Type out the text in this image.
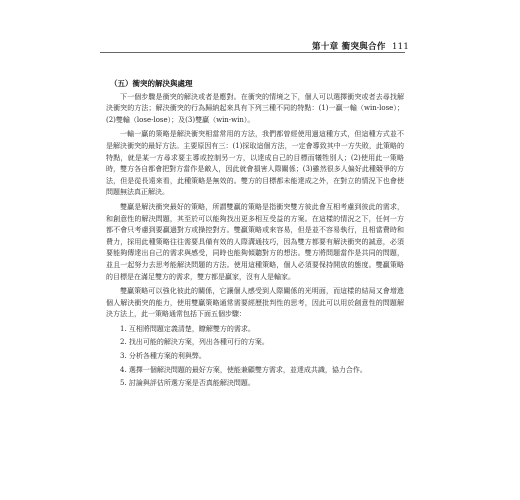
第十章 衝突與合作 111
（五）衝突的解決與處理

下一個步驟是衝突的解決或者是應對。在衝突的情境之下，個人可以選擇衝突或者去尋找解決衝突的方法；解決衝突的行為歸納起來具有下列三種不同的特點：(1)一贏一輸（win-lose）；(2)雙輸（lose-lose）；及(3)雙贏（win-win）。

一輸一贏的策略是解決衝突相當常用的方法，我們都曾經使用過這種方式，但這種方式並不是解決衝突的最好方法。主要原因有三：(1)採取這個方法，一定會導致其中一方失敗，此策略的特點，就是某一方尋求要主導或控制另一方，以達成自己的目標而犧牲別人；(2)使用此一策略時，雙方各自都會把對方當作是敵人，因此就會損害人際關係；(3)雖然很多人偏好此種競爭的方法，但是從長遠來看，此種策略是無效的。雙方的目標都未能達成之外，在對立的情況下也會使問題無法真正解決。

雙贏是解決衝突最好的策略，所謂雙贏的策略是指衝突雙方彼此會互相考慮到彼此的需求，和創意性的解決問題，其至於可以能夠找出更多相互受益的方案。在這樣的情況之下，任何一方都不會只考慮到要贏過對方或操控對方。雙贏策略或來容易，但是並不容易執行，且相當費時和費力，採用此種策略往往需要具備有效的人際溝通技巧，因為雙方都要有解決衝突的誠意，必須要能夠傳達出自己的需求與感受，同時也能夠傾聽對方的想法。雙方將問題當作是共同的問題，並且一起努力去思考能解決問題的方法。使用這種策略，個人必須要保持開放的態度。雙贏策略的目標是在滿足雙方的需求，雙方都是贏家，沒有人是輸家。

雙贏策略可以強化彼此的關係，它讓個人感受到人際關係的光明面，而這樣的結局又會增進個人解決衝突的能力，使用雙贏策略通常需要經歷批判性的思考，因此可以用於創意性的問題解決方法上，此一策略通常包括下面五個步驟：

1. 互相將問題定義清楚，瞭解雙方的需求。
2. 找出可能的解決方案，列出各種可行的方案。
3. 分析各種方案的利與弊。
4. 選擇一個解決問題的最好方案，使能兼顧雙方需求，並達成共識，協力合作。
5. 討論與評估所選方案是否真能解決問題。
